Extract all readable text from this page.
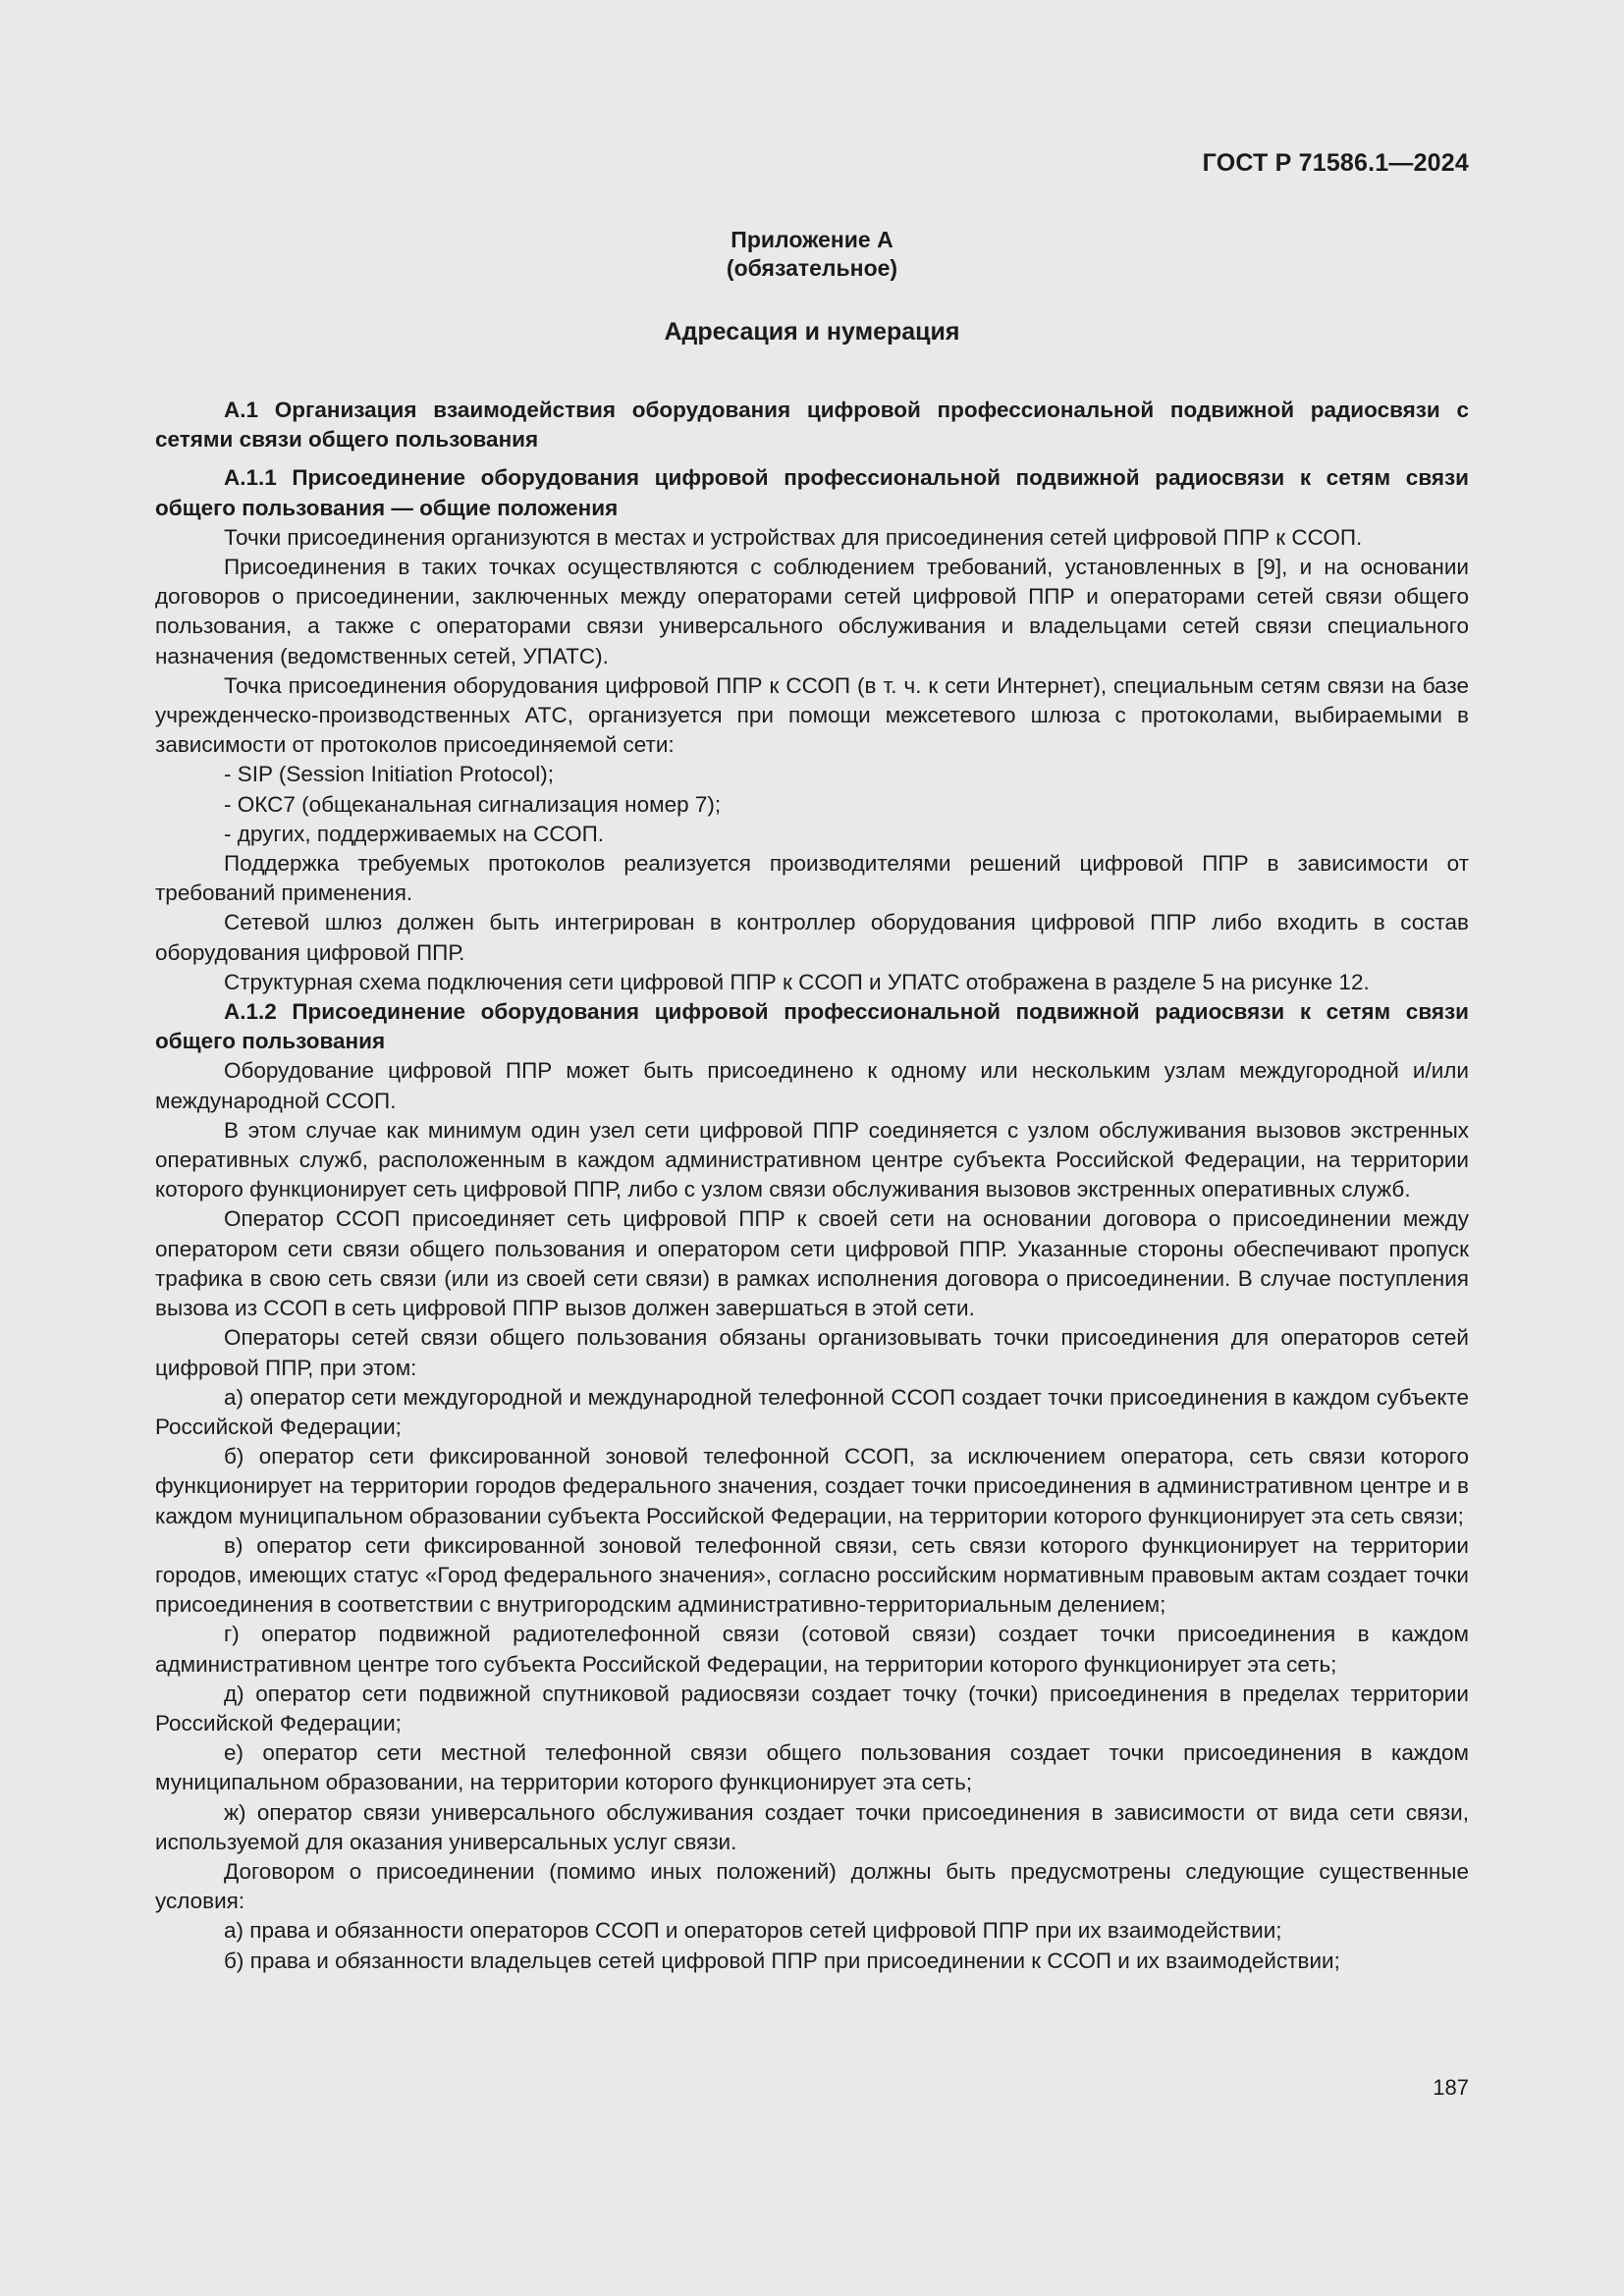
ГОСТ Р 71586.1—2024
Приложение А
(обязательное)
Адресация и нумерация

А.1 Организация взаимодействия оборудования цифровой профессиональной подвижной радиосвязи с сетями связи общего пользования

А.1.1 Присоединение оборудования цифровой профессиональной подвижной радиосвязи к сетям связи общего пользования — общие положения

Точки присоединения организуются в местах и устройствах для присоединения сетей цифровой ППР к ССОП.

Присоединения в таких точках осуществляются с соблюдением требований, установленных в [9], и на основании договоров о присоединении, заключенных между операторами сетей цифровой ППР и операторами сетей связи общего пользования, а также с операторами связи универсального обслуживания и владельцами сетей связи специального назначения (ведомственных сетей, УПАТС).

Точка присоединения оборудования цифровой ППР к ССОП (в т. ч. к сети Интернет), специальным сетям связи на базе учрежденческо-производственных АТС, организуется при помощи межсетевого шлюза с протоколами, выбираемыми в зависимости от протоколов присоединяемой сети:

- SIP (Session Initiation Protocol);

- ОКС7 (общеканальная сигнализация номер 7);

- других, поддерживаемых на ССОП.

Поддержка требуемых протоколов реализуется производителями решений цифровой ППР в зависимости от требований применения.

Сетевой шлюз должен быть интегрирован в контроллер оборудования цифровой ППР либо входить в состав оборудования цифровой ППР.

Структурная схема подключения сети цифровой ППР к ССОП и УПАТС отображена в разделе 5 на рисунке 12.

А.1.2 Присоединение оборудования цифровой профессиональной подвижной радиосвязи к сетям связи общего пользования

Оборудование цифровой ППР может быть присоединено к одному или нескольким узлам междугородной и/или международной ССОП.

В этом случае как минимум один узел сети цифровой ППР соединяется с узлом обслуживания вызовов экстренных оперативных служб, расположенным в каждом административном центре субъекта Российской Федерации, на территории которого функционирует сеть цифровой ППР, либо с узлом связи обслуживания вызовов экстренных оперативных служб.

Оператор ССОП присоединяет сеть цифровой ППР к своей сети на основании договора о присоединении между оператором сети связи общего пользования и оператором сети цифровой ППР. Указанные стороны обеспечивают пропуск трафика в свою сеть связи (или из своей сети связи) в рамках исполнения договора о присоединении. В случае поступления вызова из ССОП в сеть цифровой ППР вызов должен завершаться в этой сети.

Операторы сетей связи общего пользования обязаны организовывать точки присоединения для операторов сетей цифровой ППР, при этом:

а) оператор сети междугородной и международной телефонной ССОП создает точки присоединения в каждом субъекте Российской Федерации;

б) оператор сети фиксированной зоновой телефонной ССОП, за исключением оператора, сеть связи которого функционирует на территории городов федерального значения, создает точки присоединения в административном центре и в каждом муниципальном образовании субъекта Российской Федерации, на территории которого функционирует эта сеть связи;

в) оператор сети фиксированной зоновой телефонной связи, сеть связи которого функционирует на территории городов, имеющих статус «Город федерального значения», согласно российским нормативным правовым актам создает точки присоединения в соответствии с внутригородским административно-территориальным делением;

г) оператор подвижной радиотелефонной связи (сотовой связи) создает точки присоединения в каждом административном центре того субъекта Российской Федерации, на территории которого функционирует эта сеть;

д) оператор сети подвижной спутниковой радиосвязи создает точку (точки) присоединения в пределах территории Российской Федерации;

е) оператор сети местной телефонной связи общего пользования создает точки присоединения в каждом муниципальном образовании, на территории которого функционирует эта сеть;

ж) оператор связи универсального обслуживания создает точки присоединения в зависимости от вида сети связи, используемой для оказания универсальных услуг связи.

Договором о присоединении (помимо иных положений) должны быть предусмотрены следующие существенные условия:

а) права и обязанности операторов ССОП и операторов сетей цифровой ППР при их взаимодействии;

б) права и обязанности владельцев сетей цифровой ППР при присоединении к ССОП и их взаимодействии;

187
